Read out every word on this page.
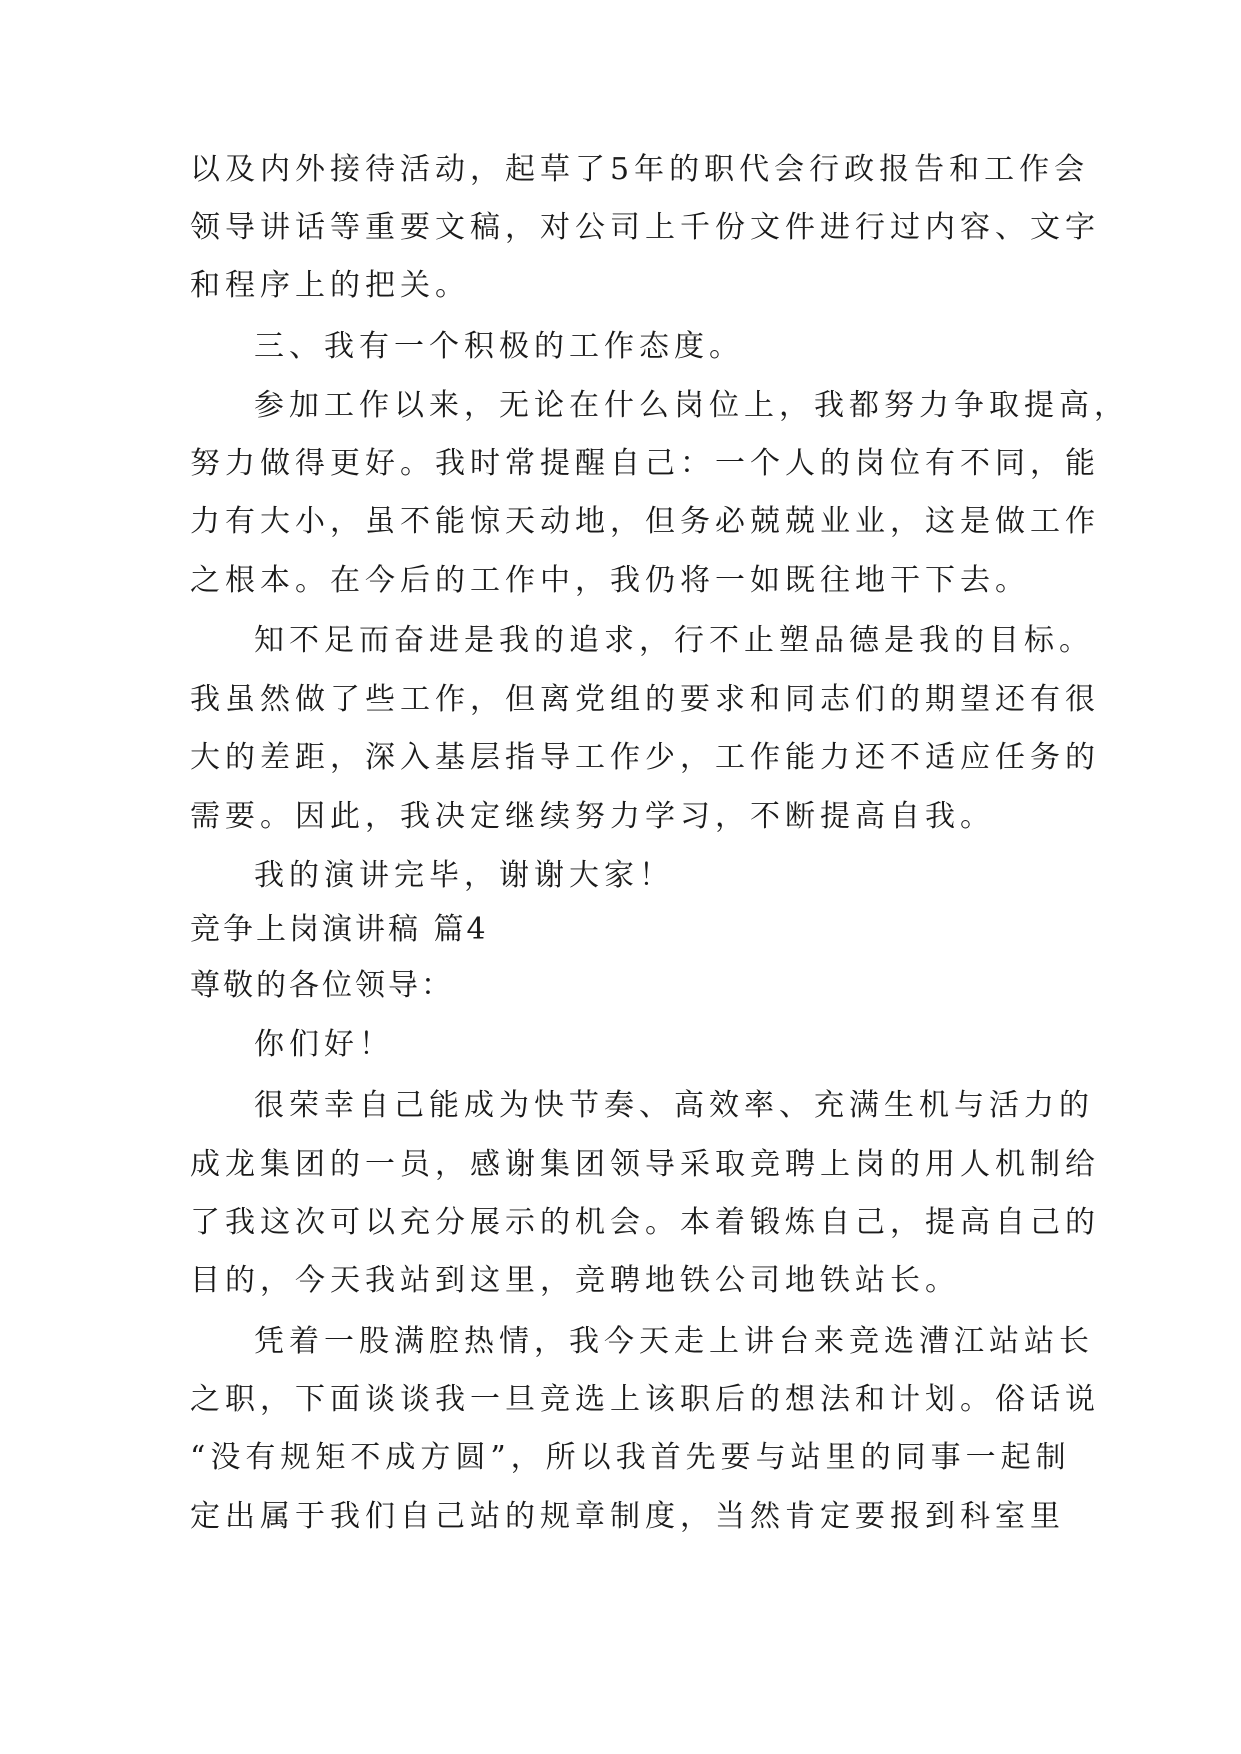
以及内外接待活动，起草了5年的职代会行政报告和工作会
领导讲话等重要文稿，对公司上千份文件进行过内容、文字
和程序上的把关。
三、我有一个积极的工作态度。
参加工作以来，无论在什么岗位上，我都努力争取提高，
努力做得更好。我时常提醒自己：一个人的岗位有不同，能
力有大小，虽不能惊天动地，但务必兢兢业业，这是做工作
之根本。在今后的工作中，我仍将一如既往地干下去。
知不足而奋进是我的追求，行不止塑品德是我的目标。
我虽然做了些工作，但离党组的要求和同志们的期望还有很
大的差距，深入基层指导工作少，工作能力还不适应任务的
需要。因此，我决定继续努力学习，不断提高自我。
我的演讲完毕，谢谢大家！
竞争上岗演讲稿 篇4
尊敬的各位领导：
你们好！
很荣幸自己能成为快节奏、高效率、充满生机与活力的
成龙集团的一员，感谢集团领导采取竞聘上岗的用人机制给
了我这次可以充分展示的机会。本着锻炼自己，提高自己的
目的，今天我站到这里，竞聘地铁公司地铁站长。
凭着一股满腔热情，我今天走上讲台来竞选漕江站站长
之职，下面谈谈我一旦竞选上该职后的想法和计划。俗话说
“没有规矩不成方圆”，所以我首先要与站里的同事一起制
定出属于我们自己站的规章制度，当然肯定要报到科室里
